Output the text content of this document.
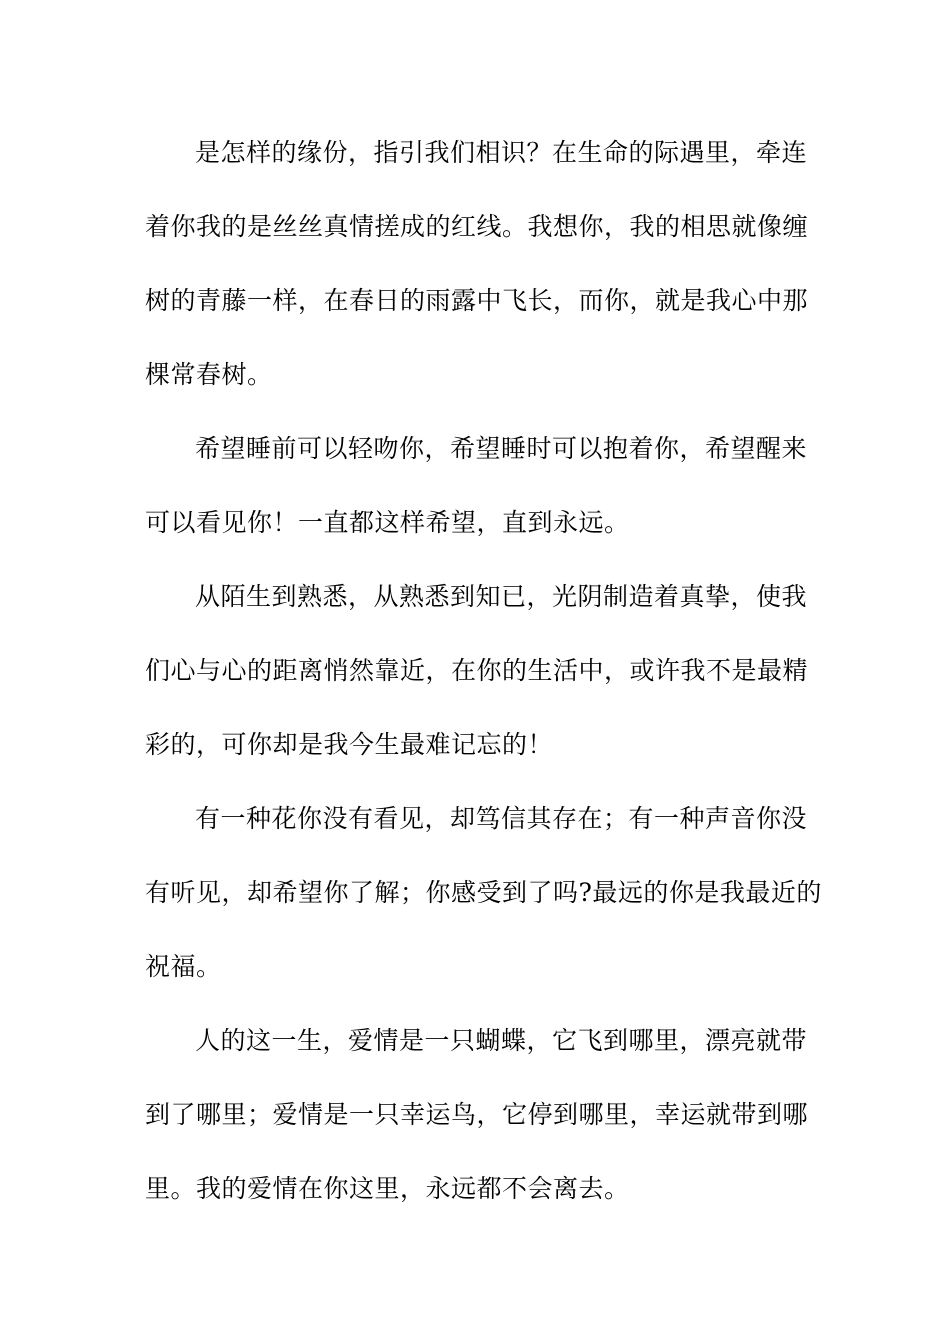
是怎样的缘份，指引我们相识？在生命的际遇里，牵连着你我的是丝丝真情搓成的红线。我想你，我的相思就像缠树的青藤一样，在春日的雨露中飞长，而你，就是我心中那棵常春树。

希望睡前可以轻吻你，希望睡时可以抱着你，希望醒来可以看见你！一直都这样希望，直到永远。

从陌生到熟悉，从熟悉到知已，光阴制造着真挚，使我们心与心的距离悄然靠近，在你的生活中，或许我不是最精彩的，可你却是我今生最难记忘的！

有一种花你没有看见，却笃信其存在；有一种声音你没有听见，却希望你了解；你感受到了吗?最远的你是我最近的祝福。

人的这一生，爱情是一只蝴蝶，它飞到哪里，漂亮就带到了哪里；爱情是一只幸运鸟，它停到哪里，幸运就带到哪里。我的爱情在你这里，永远都不会离去。
